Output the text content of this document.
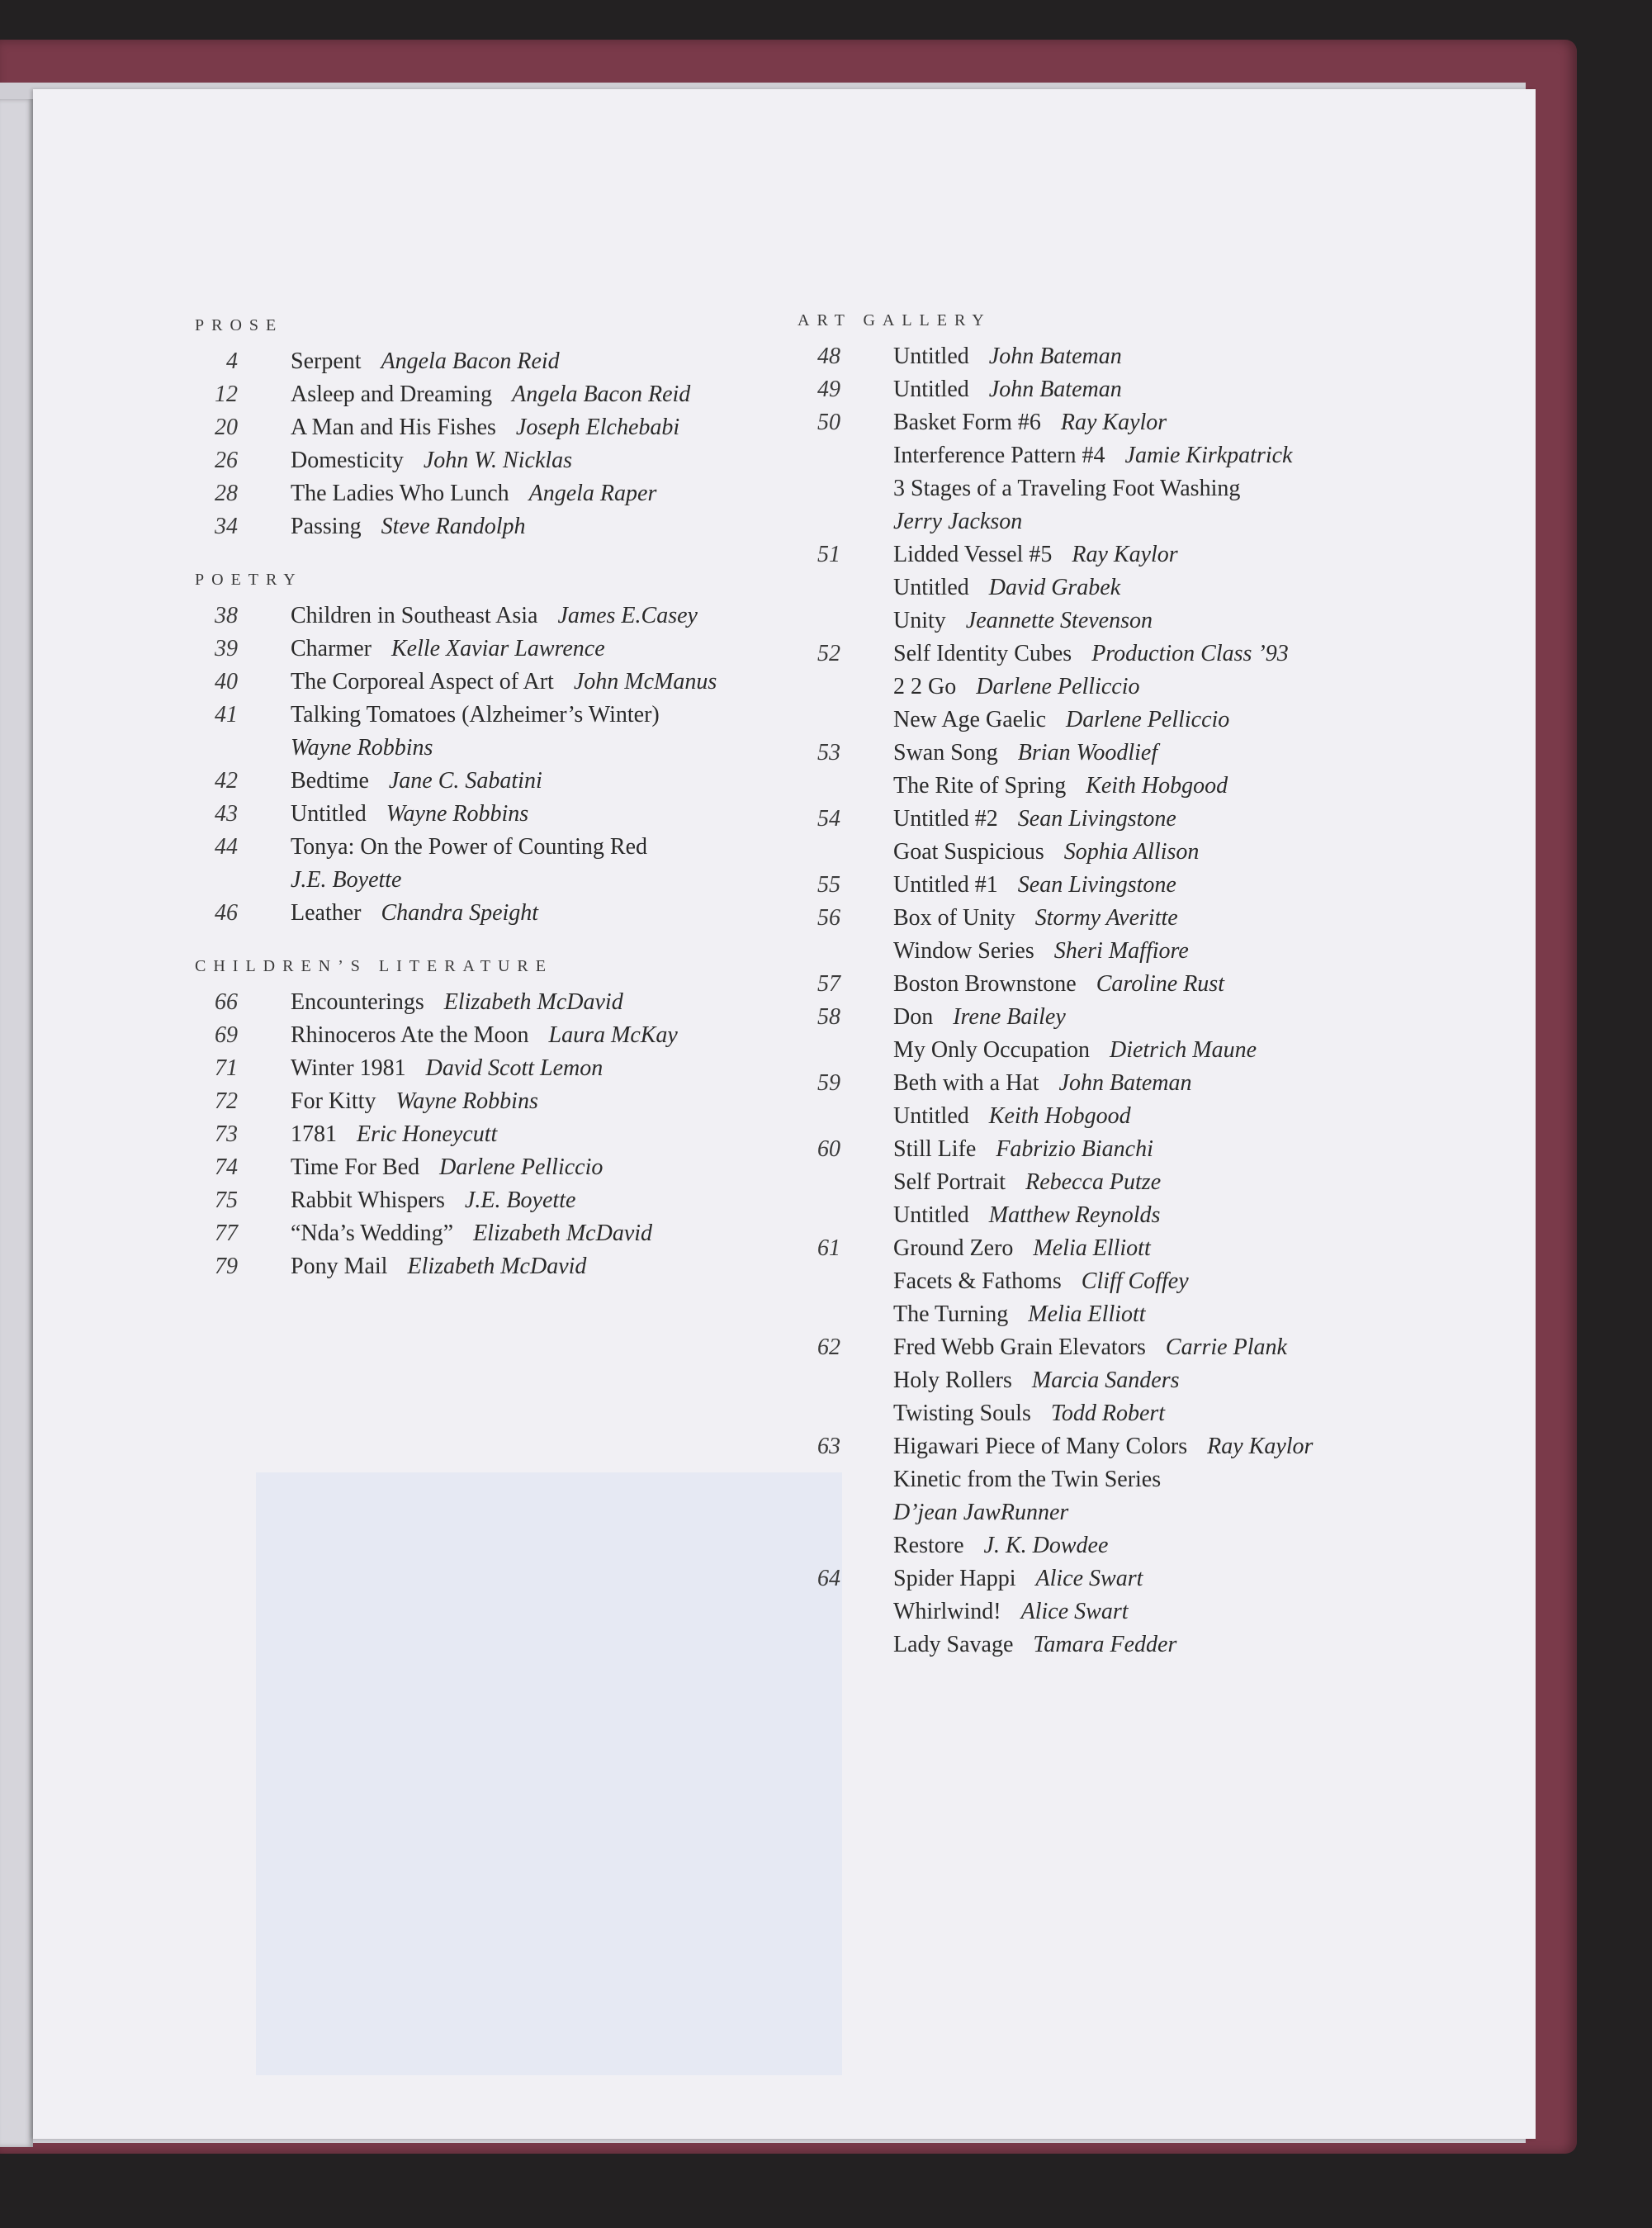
PROSE
4 Serpent Angela Bacon Reid
12 Asleep and Dreaming Angela Bacon Reid
20 A Man and His Fishes Joseph Elchebabi
26 Domesticity John W. Nicklas
28 The Ladies Who Lunch Angela Raper
34 Passing Steve Randolph
POETRY
38 Children in Southeast Asia James E.Casey
39 Charmer Kelle Xaviar Lawrence
40 The Corporeal Aspect of Art John McManus
41 Talking Tomatoes (Alzheimer’s Winter)
Wayne Robbins
42 Bedtime Jane C. Sabatini
43 Untitled Wayne Robbins
44 Tonya: On the Power of Counting Red
J.E. Boyette
46 Leather Chandra Speight
CHILDREN’S LITERATURE
66 Encounterings Elizabeth McDavid
69 Rhinoceros Ate the Moon Laura McKay
71 Winter 1981 David Scott Lemon
72 For Kitty Wayne Robbins
73 1781 Eric Honeycutt
74 Time For Bed Darlene Pelliccio
75 Rabbit Whispers J.E. Boyette
77 “Nda’s Wedding” Elizabeth McDavid
79 Pony Mail Elizabeth McDavid
ART GALLERY
48 Untitled John Bateman
49 Untitled John Bateman
50 Basket Form #6 Ray Kaylor
Interference Pattern #4 Jamie Kirkpatrick
3 Stages of a Traveling Foot Washing
Jerry Jackson
51 Lidded Vessel #5 Ray Kaylor
Untitled David Grabek
Unity Jeannette Stevenson
52 Self Identity Cubes Production Class ’93
2 2 Go Darlene Pelliccio
New Age Gaelic Darlene Pelliccio
53 Swan Song Brian Woodlief
The Rite of Spring Keith Hobgood
54 Untitled #2 Sean Livingstone
Goat Suspicious Sophia Allison
55 Untitled #1 Sean Livingstone
56 Box of Unity Stormy Averitte
Window Series Sheri Maffiore
57 Boston Brownstone Caroline Rust
58 Don Irene Bailey
My Only Occupation Dietrich Maune
59 Beth with a Hat John Bateman
Untitled Keith Hobgood
60 Still Life Fabrizio Bianchi
Self Portrait Rebecca Putze
Untitled Matthew Reynolds
61 Ground Zero Melia Elliott
Facets & Fathoms Cliff Coffey
The Turning Melia Elliott
62 Fred Webb Grain Elevators Carrie Plank
Holy Rollers Marcia Sanders
Twisting Souls Todd Robert
63 Higawari Piece of Many Colors Ray Kaylor
Kinetic from the Twin Series
D’jean JawRunner
Restore J. K. Dowdee
64 Spider Happi Alice Swart
Whirlwind! Alice Swart
Lady Savage Tamara Fedder
